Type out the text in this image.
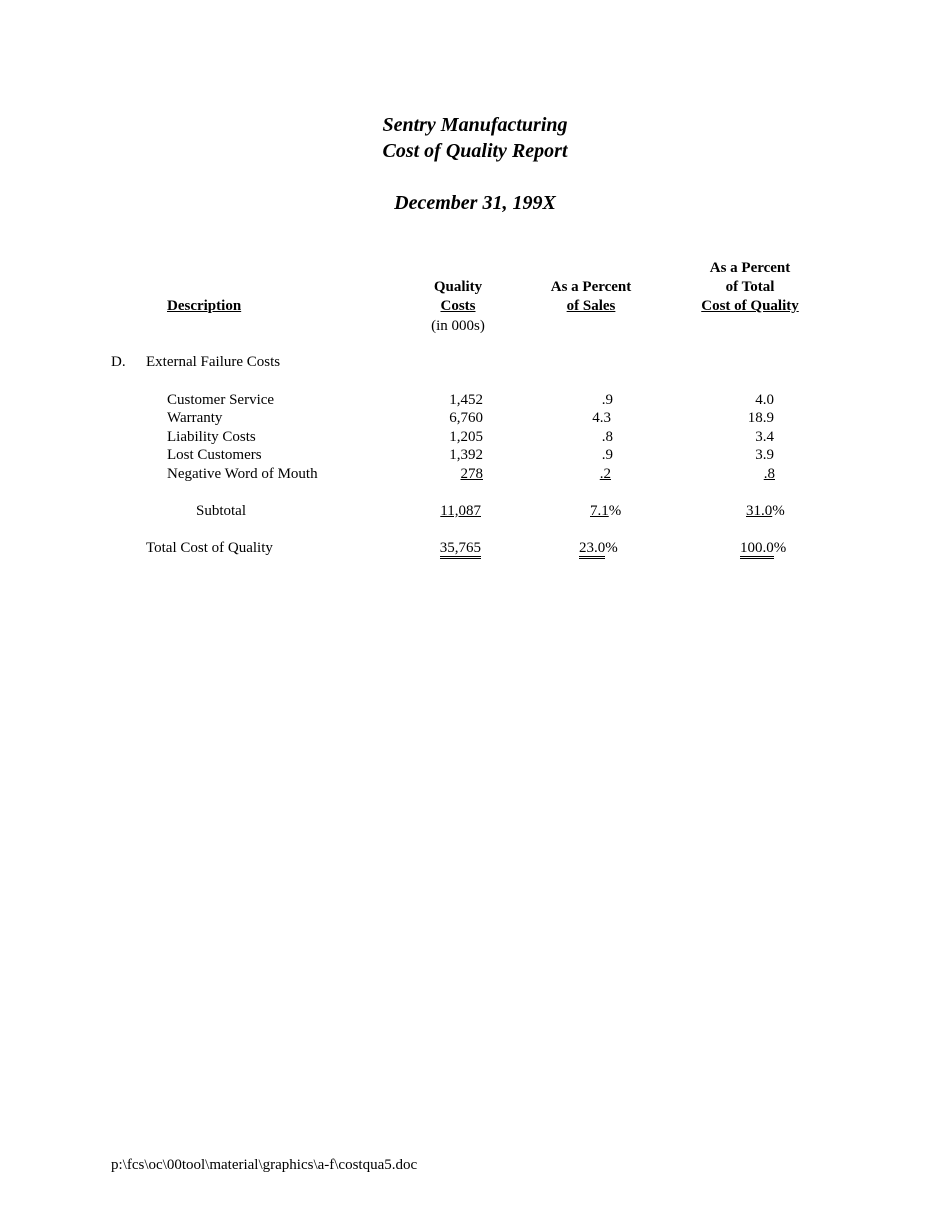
Sentry Manufacturing
Cost of Quality Report
December 31, 199X
Description
Quality
Costs
(in 000s)
As a Percent
of Sales
As a Percent
of Total
Cost of Quality
D. External Failure Costs
Customer Service	1,452	.9	4.0
Warranty	6,760	4.3	18.9
Liability Costs	1,205	.8	3.4
Lost Customers	1,392	.9	3.9
Negative Word of Mouth	278	.2	.8
Subtotal	11,087	7.1%	31.0%
Total Cost of Quality	35,765	23.0%	100.0%
p:\fcs\oc\00tool\material\graphics\a-f\costqua5.doc
